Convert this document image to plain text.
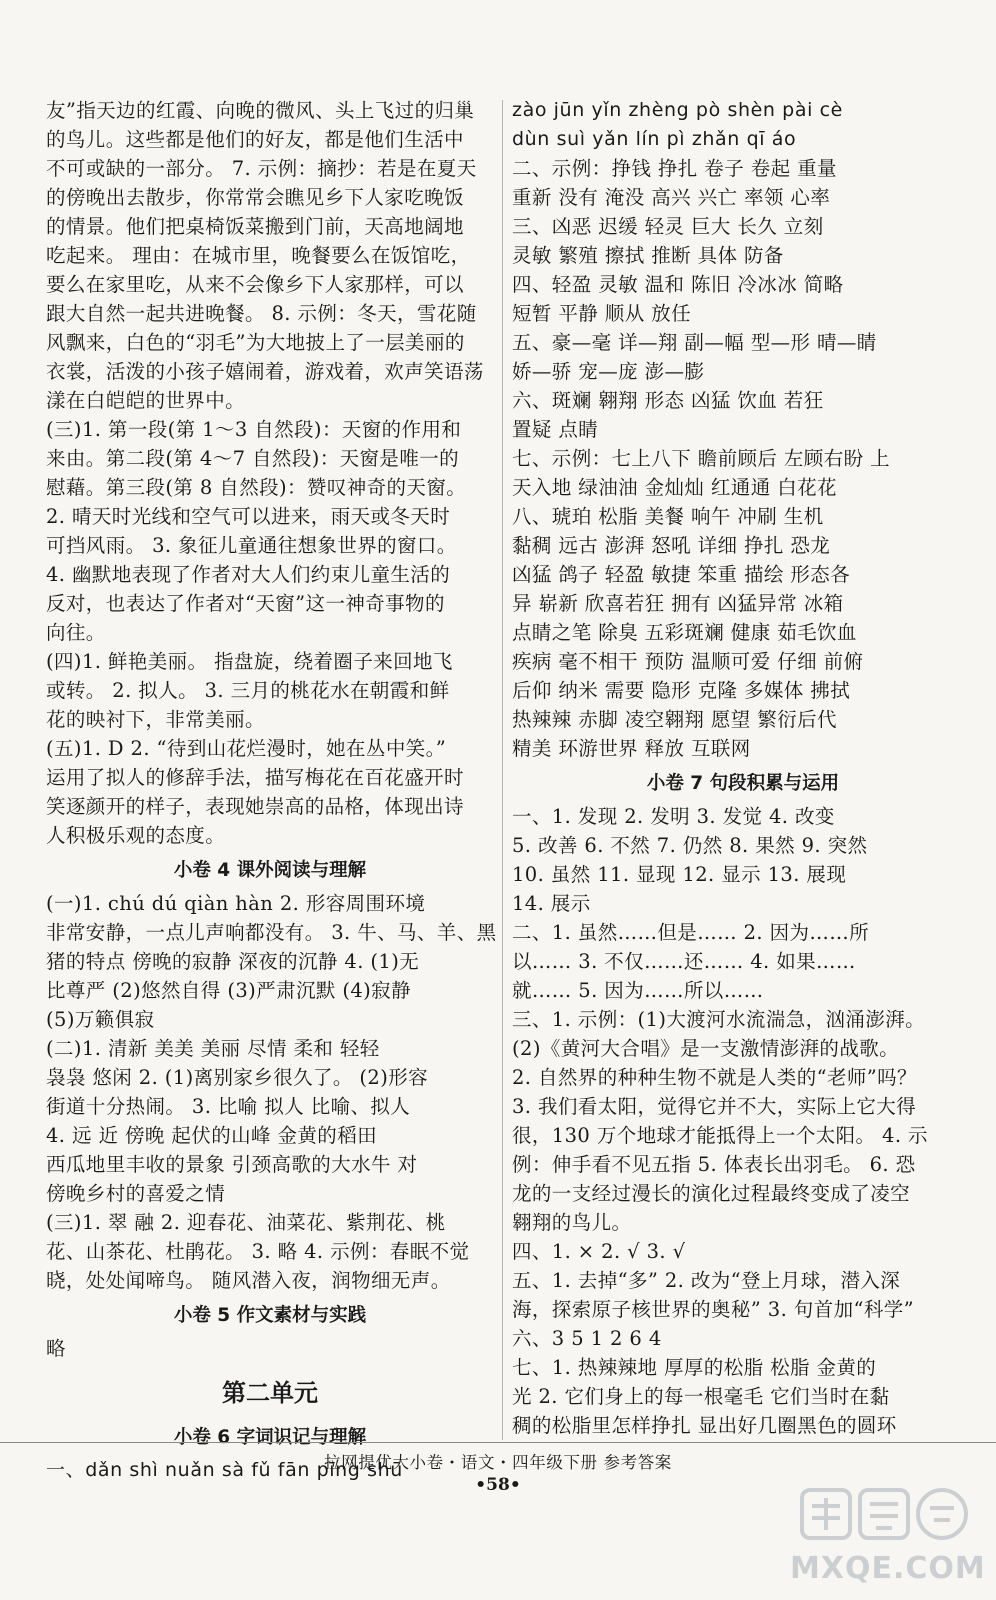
友”指天边的红霞、向晚的微风、头上飞过的归巢
的鸟儿。这些都是他们的好友，都是他们生活中
不可或缺的一部分。 7. 示例：摘抄：若是在夏天
的傍晚出去散步，你常常会瞧见乡下人家吃晚饭
的情景。他们把桌椅饭菜搬到门前，天高地阔地
吃起来。 理由：在城市里，晚餐要么在饭馆吃，
要么在家里吃，从来不会像乡下人家那样，可以
跟大自然一起共进晚餐。 8. 示例：冬天，雪花随
风飘来，白色的“羽毛”为大地披上了一层美丽的
衣裳，活泼的小孩子嬉闹着，游戏着，欢声笑语荡
漾在白皑皑的世界中。
(三)1. 第一段(第 1～3 自然段)：天窗的作用和
来由。第二段(第 4～7 自然段)：天窗是唯一的
慰藉。第三段(第 8 自然段)：赞叹神奇的天窗。
2. 晴天时光线和空气可以进来，雨天或冬天时
可挡风雨。 3. 象征儿童通往想象世界的窗口。
4. 幽默地表现了作者对大人们约束儿童生活的
反对，也表达了作者对“天窗”这一神奇事物的
向往。
(四)1. 鲜艳美丽。 指盘旋，绕着圈子来回地飞
或转。 2. 拟人。 3. 三月的桃花水在朝霞和鲜
花的映衬下，非常美丽。
(五)1. D 2. “待到山花烂漫时，她在丛中笑。”
运用了拟人的修辞手法，描写梅花在百花盛开时
笑逐颜开的样子，表现她崇高的品格，体现出诗
人积极乐观的态度。
小卷 4 课外阅读与理解
(一)1. chú dú qiàn hàn 2. 形容周围环境
非常安静，一点儿声响都没有。 3. 牛、马、羊、黑
猪的特点 傍晚的寂静 深夜的沉静 4. (1)无
比尊严 (2)悠然自得 (3)严肃沉默 (4)寂静
(5)万籁俱寂
(二)1. 清新 美美 美丽 尽情 柔和 轻轻
袅袅 悠闲 2. (1)离别家乡很久了。 (2)形容
街道十分热闹。 3. 比喻 拟人 比喻、拟人
4. 远 近 傍晚 起伏的山峰 金黄的稻田
西瓜地里丰收的景象 引颈高歌的大水牛 对
傍晚乡村的喜爱之情
(三)1. 翠 融 2. 迎春花、油菜花、紫荆花、桃
花、山茶花、杜鹃花。 3. 略 4. 示例：春眠不觉
晓，处处闻啼鸟。 随风潜入夜，润物细无声。
小卷 5 作文素材与实践
略
第二单元
小卷 6 字词识记与理解
一、dǎn shì nuǎn sà fǔ fān pīng shū
zào jūn yǐn zhèng pò shèn pài cè
dùn suì yǎn lín pì zhǎn qī áo
二、示例：挣钱 挣扎 卷子 卷起 重量
重新 没有 淹没 高兴 兴亡 率领 心率
三、凶恶 迟缓 轻灵 巨大 长久 立刻
灵敏 繁殖 擦拭 推断 具体 防备
四、轻盈 灵敏 温和 陈旧 冷冰冰 简略
短暂 平静 顺从 放任
五、豪—毫 详—翔 副—幅 型—形 晴—睛
娇—骄 宠—庞 澎—膨
六、斑斓 翱翔 形态 凶猛 饮血 若狂
置疑 点睛
七、示例：七上八下 瞻前顾后 左顾右盼 上
天入地 绿油油 金灿灿 红通通 白花花
八、琥珀 松脂 美餐 响午 冲刷 生机
黏稠 远古 澎湃 怒吼 详细 挣扎 恐龙
凶猛 鸽子 轻盈 敏捷 笨重 描绘 形态各
异 崭新 欣喜若狂 拥有 凶猛异常 冰箱
点睛之笔 除臭 五彩斑斓 健康 茹毛饮血
疾病 毫不相干 预防 温顺可爱 仔细 前俯
后仰 纳米 需要 隐形 克隆 多媒体 拂拭
热辣辣 赤脚 凌空翱翔 愿望 繁衍后代
精美 环游世界 释放 互联网
小卷 7 句段积累与运用
一、1. 发现 2. 发明 3. 发觉 4. 改变
5. 改善 6. 不然 7. 仍然 8. 果然 9. 突然
10. 虽然 11. 显现 12. 显示 13. 展现
14. 展示
二、1. 虽然……但是…… 2. 因为……所
以…… 3. 不仅……还…… 4. 如果……
就…… 5. 因为……所以……
三、1. 示例：(1)大渡河水流湍急，汹涌澎湃。
(2)《黄河大合唱》是一支激情澎湃的战歌。
2. 自然界的种种生物不就是人类的“老师”吗？
3. 我们看太阳，觉得它并不大，实际上它大得
很，130 万个地球才能抵得上一个太阳。 4. 示
例：伸手看不见五指 5. 体表长出羽毛。 6. 恐
龙的一支经过漫长的演化过程最终变成了凌空
翱翔的鸟儿。
四、1. × 2. √ 3. √
五、1. 去掉“多” 2. 改为“登上月球，潜入深
海，探索原子核世界的奥秘” 3. 句首加“科学”
六、3 5 1 2 6 4
七、1. 热辣辣地 厚厚的松脂 松脂 金黄的
光 2. 它们身上的每一根毫毛 它们当时在黏
稠的松脂里怎样挣扎 显出好几圈黑色的圆环
拉网提优大小卷・语文・四年级下册 参考答案
•58•
MXQE.COM
